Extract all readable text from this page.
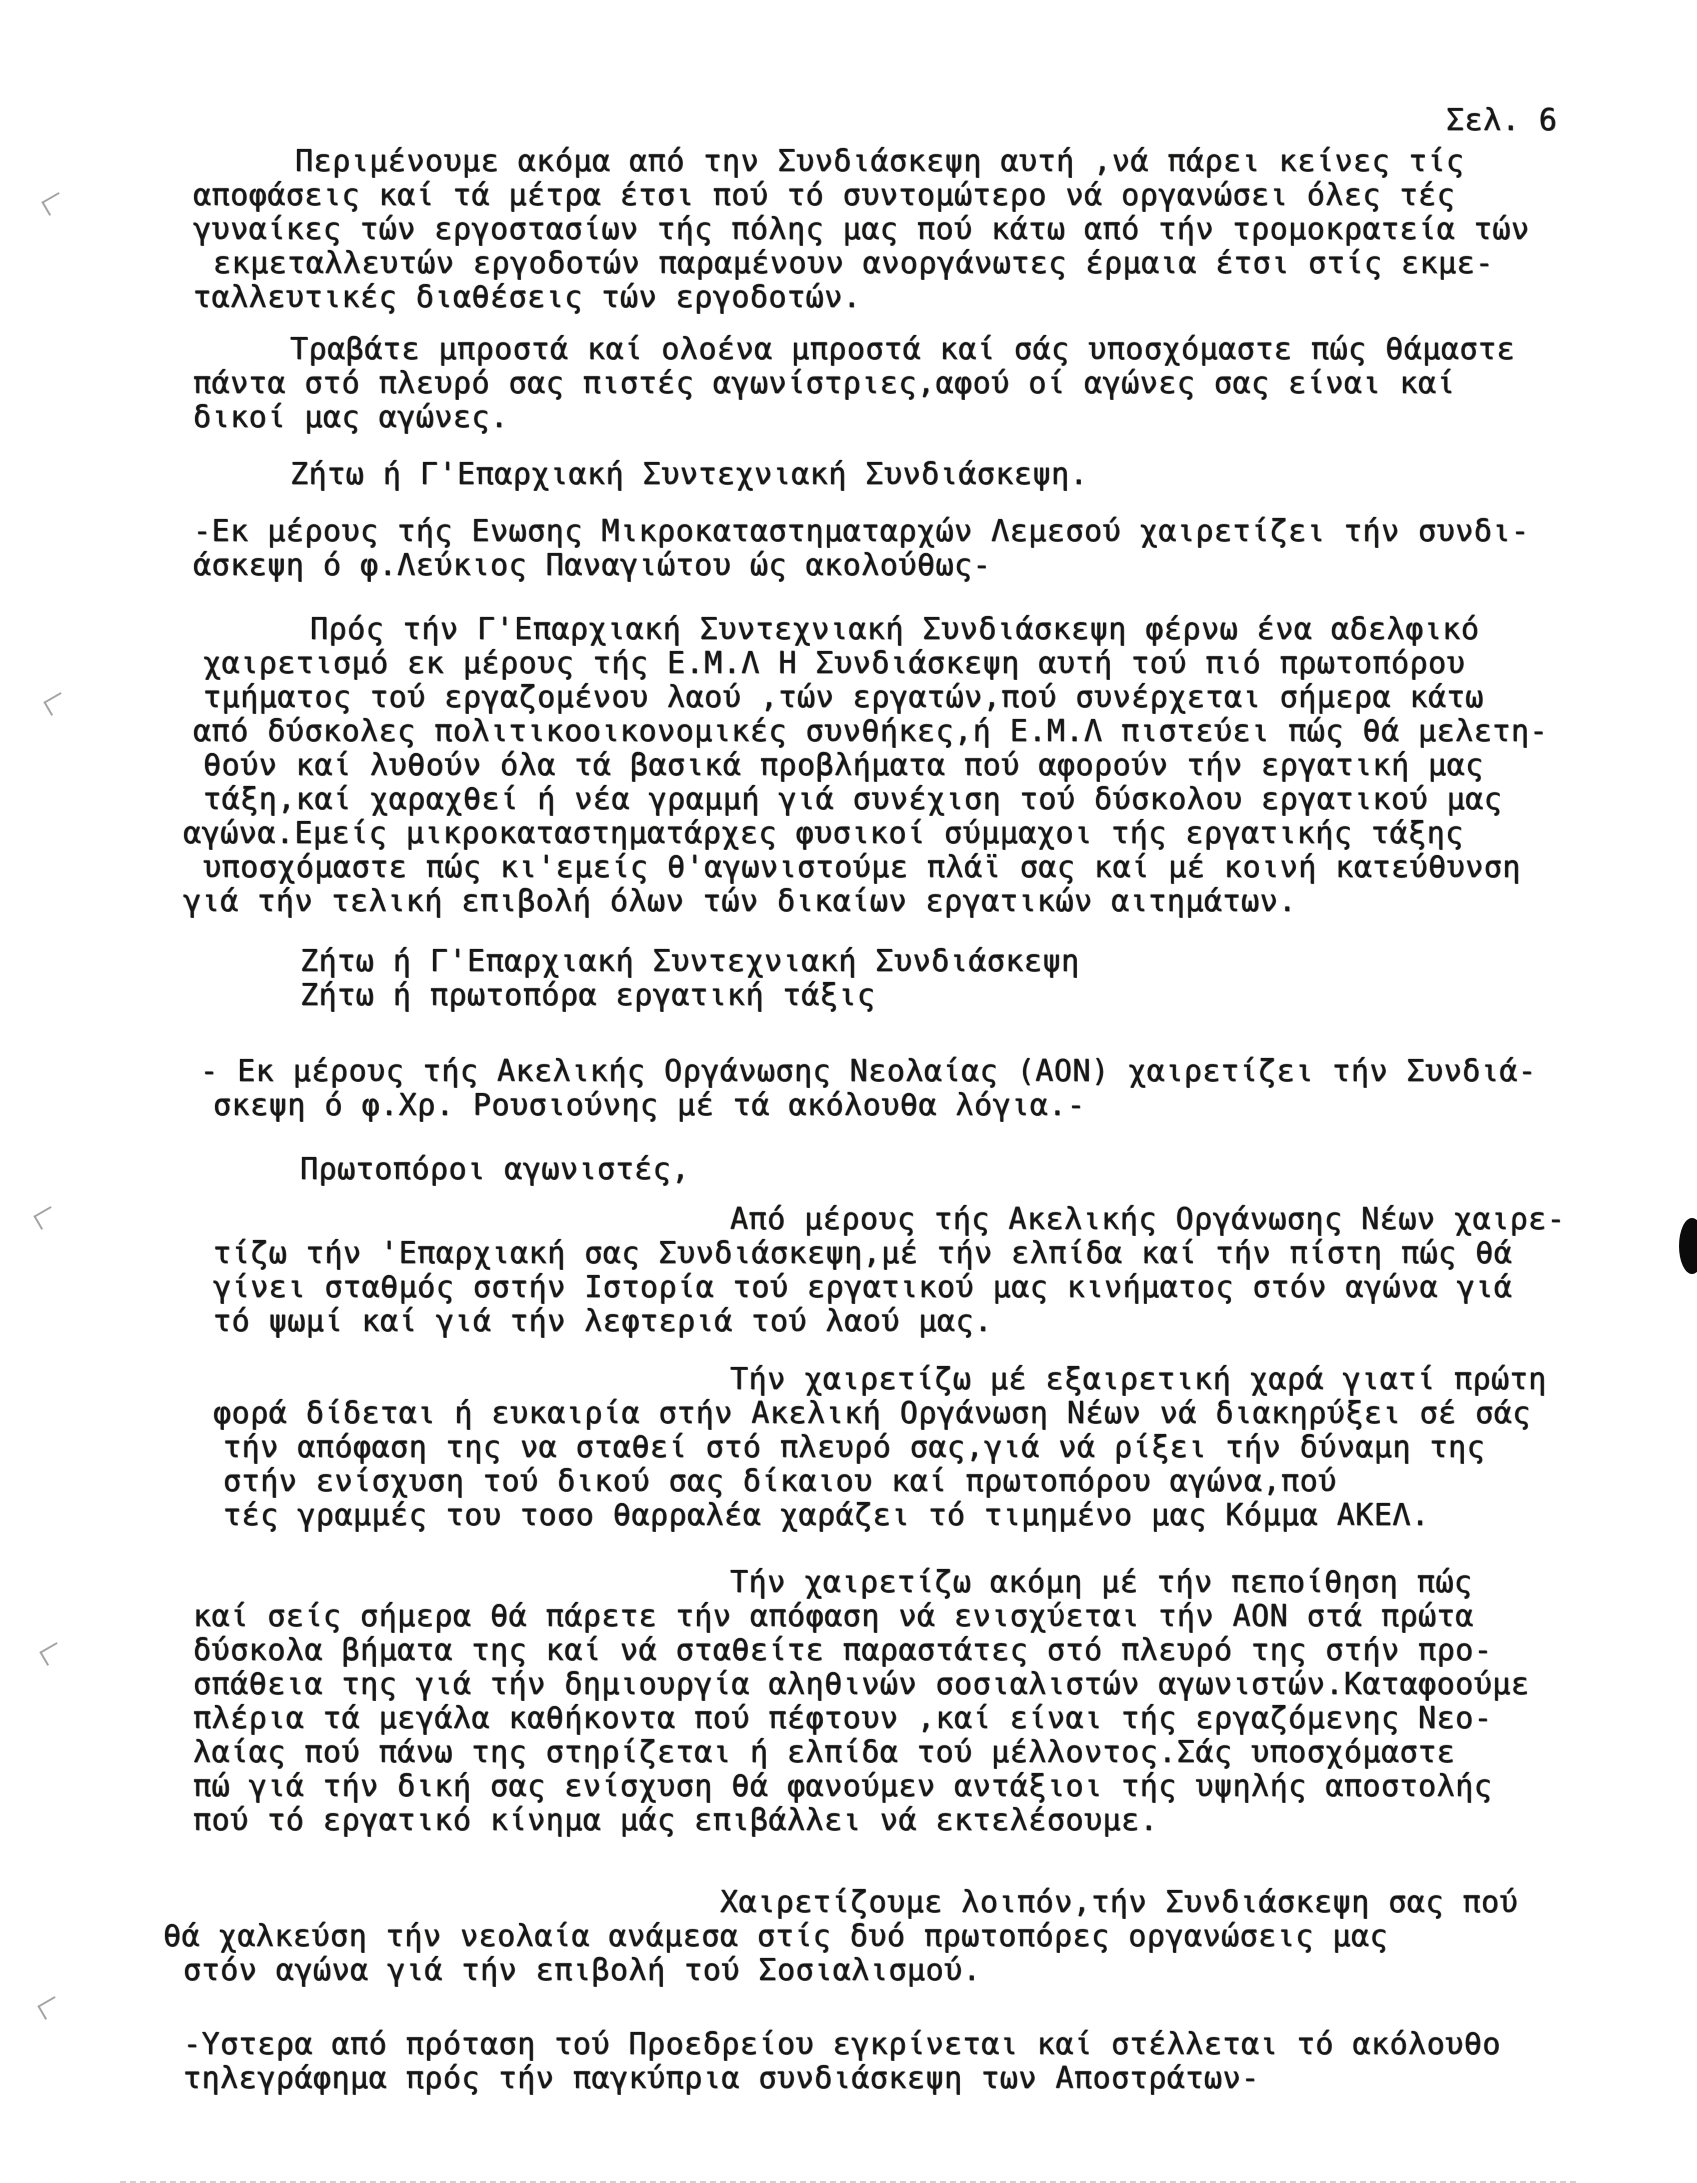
Σελ. 6
Περιμένουμε ακόμα από την Συνδιάσκεψη αυτή ,νά πάρει κείνες τίς
αποφάσεις καί τά μέτρα έτσι πού τό συντομώτερο νά οργανώσει όλες τές
γυναίκες τών εργοστασίων τής πόλης μας πού κάτω από τήν τρομοκρατεία τών
εκμεταλλευτών εργοδοτών παραμένουν ανοργάνωτες έρμαια έτσι στίς εκμε-
ταλλευτικές διαθέσεις τών εργοδοτών.
Τραβάτε μπροστά καί ολοένα μπροστά καί σάς υποσχόμαστε πώς θάμαστε
πάντα στό πλευρό σας πιστές αγωνίστριες,αφού οί αγώνες σας είναι καί
δικοί μας αγώνες.
Ζήτω ή Γ'Επαρχιακή Συντεχνιακή Συνδιάσκεψη.
-Εκ μέρους τής Ενωσης Μικροκαταστηματαρχών Λεμεσού χαιρετίζει τήν συνδι-
άσκεψη ό φ.Λεύκιος Παναγιώτου ώς ακολούθως-
Πρός τήν Γ'Επαρχιακή Συντεχνιακή Συνδιάσκεψη φέρνω ένα αδελφικό
χαιρετισμό εκ μέρους τής Ε.Μ.Λ Η Συνδιάσκεψη αυτή τού πιό πρωτοπόρου
τμήματος τού εργαζομένου λαού ,τών εργατών,πού συνέρχεται σήμερα κάτω
από δύσκολες πολιτικοοικονομικές συνθήκες,ή Ε.Μ.Λ πιστεύει πώς θά μελετη-
θούν καί λυθούν όλα τά βασικά προβλήματα πού αφορούν τήν εργατική μας
τάξη,καί χαραχθεί ή νέα γραμμή γιά συνέχιση τού δύσκολου εργατικού μας
αγώνα.Εμείς μικροκαταστηματάρχες φυσικοί σύμμαχοι τής εργατικής τάξης
υποσχόμαστε πώς κι'εμείς θ'αγωνιστούμε πλάϊ σας καί μέ κοινή κατεύθυνση
γιά τήν τελική επιβολή όλων τών δικαίων εργατικών αιτημάτων.
Ζήτω ή Γ'Επαρχιακή Συντεχνιακή Συνδιάσκεψη
Ζήτω ή πρωτοπόρα εργατική τάξις
- Εκ μέρους τής Ακελικής Οργάνωσης Νεολαίας (ΑΟΝ) χαιρετίζει τήν Συνδιά-
σκεψη ό φ.Χρ. Ρουσιούνης μέ τά ακόλουθα λόγια.-
Πρωτοπόροι αγωνιστές,
Από μέρους τής Ακελικής Οργάνωσης Νέων χαιρε-
τίζω τήν 'Επαρχιακή σας Συνδιάσκεψη,μέ τήν ελπίδα καί τήν πίστη πώς θά
γίνει σταθμός σστήν Ιστορία τού εργατικού μας κινήματος στόν αγώνα γιά
τό ψωμί καί γιά τήν λεφτεριά τού λαού μας.
Τήν χαιρετίζω μέ εξαιρετική χαρά γιατί πρώτη
φορά δίδεται ή ευκαιρία στήν Ακελική Οργάνωση Νέων νά διακηρύξει σέ σάς
τήν απόφαση της να σταθεί στό πλευρό σας,γιά νά ρίξει τήν δύναμη της
στήν ενίσχυση τού δικού σας δίκαιου καί πρωτοπόρου αγώνα,πού
τές γραμμές του τοσο θαρραλέα χαράζει τό τιμημένο μας Κόμμα ΑΚΕΛ.
Τήν χαιρετίζω ακόμη μέ τήν πεποίθηση πώς
καί σείς σήμερα θά πάρετε τήν απόφαση νά ενισχύεται τήν ΑΟΝ στά πρώτα
δύσκολα βήματα της καί νά σταθείτε παραστάτες στό πλευρό της στήν προ-
σπάθεια της γιά τήν δημιουργία αληθινών σοσιαλιστών αγωνιστών.Καταφοούμε
πλέρια τά μεγάλα καθήκοντα πού πέφτουν ,καί είναι τής εργαζόμενης Νεο-
λαίας πού πάνω της στηρίζεται ή ελπίδα τού μέλλοντος.Σάς υποσχόμαστε
πώ γιά τήν δική σας ενίσχυση θά φανούμεν αντάξιοι τής υψηλής αποστολής
πού τό εργατικό κίνημα μάς επιβάλλει νά εκτελέσουμε.
Χαιρετίζουμε λοιπόν,τήν Συνδιάσκεψη σας πού
θά χαλκεύση τήν νεολαία ανάμεσα στίς δυό πρωτοπόρες οργανώσεις μας
στόν αγώνα γιά τήν επιβολή τού Σοσιαλισμού.
-Υστερα από πρόταση τού Προεδρείου εγκρίνεται καί στέλλεται τό ακόλουθο
τηλεγράφημα πρός τήν παγκύπρια συνδιάσκεψη των Αποστράτων-
